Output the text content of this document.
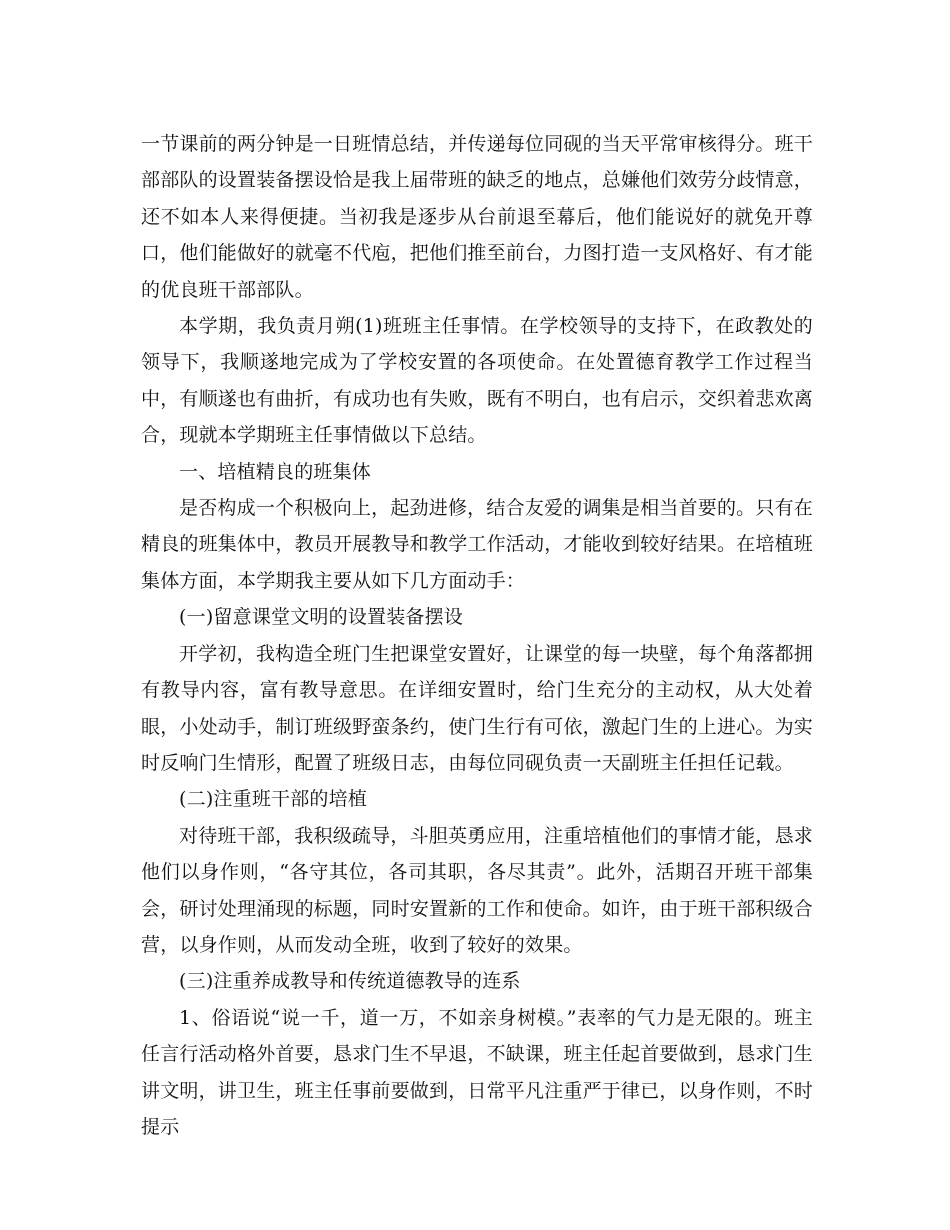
一节课前的两分钟是一日班情总结，并传递每位同砚的当天平常审核得分。班干部部队的设置装备摆设恰是我上届带班的缺乏的地点，总嫌他们效劳分歧情意，还不如本人来得便捷。当初我是逐步从台前退至幕后，他们能说好的就免开尊口，他们能做好的就毫不代庖，把他们推至前台，力图打造一支风格好、有才能的优良班干部部队。

本学期，我负责月朔(1)班班主任事情。在学校领导的支持下，在政教处的领导下，我顺遂地完成为了学校安置的各项使命。在处置德育教学工作过程当中，有顺遂也有曲折，有成功也有失败，既有不明白，也有启示，交织着悲欢离合，现就本学期班主任事情做以下总结。

一、培植精良的班集体

是否构成一个积极向上，起劲进修，结合友爱的调集是相当首要的。只有在精良的班集体中，教员开展教导和教学工作活动，才能收到较好结果。在培植班集体方面，本学期我主要从如下几方面动手：

(一)留意课堂文明的设置装备摆设

开学初，我构造全班门生把课堂安置好，让课堂的每一块壁，每个角落都拥有教导内容，富有教导意思。在详细安置时，给门生充分的主动权，从大处着眼，小处动手，制订班级野蛮条约，使门生行有可依，激起门生的上进心。为实时反响门生情形，配置了班级日志，由每位同砚负责一天副班主任担任记载。

(二)注重班干部的培植

对待班干部，我积级疏导，斗胆英勇应用，注重培植他们的事情才能，恳求他们以身作则，“各守其位，各司其职，各尽其责”。此外，活期召开班干部集会，研讨处理涌现的标题，同时安置新的工作和使命。如许，由于班干部积级合营，以身作则，从而发动全班，收到了较好的效果。

(三)注重养成教导和传统道德教导的连系

1、俗语说“说一千，道一万，不如亲身树模。”表率的气力是无限的。班主任言行活动格外首要，恳求门生不早退，不缺课，班主任起首要做到，恳求门生讲文明，讲卫生，班主任事前要做到，日常平凡注重严于律已，以身作则，不时提示
